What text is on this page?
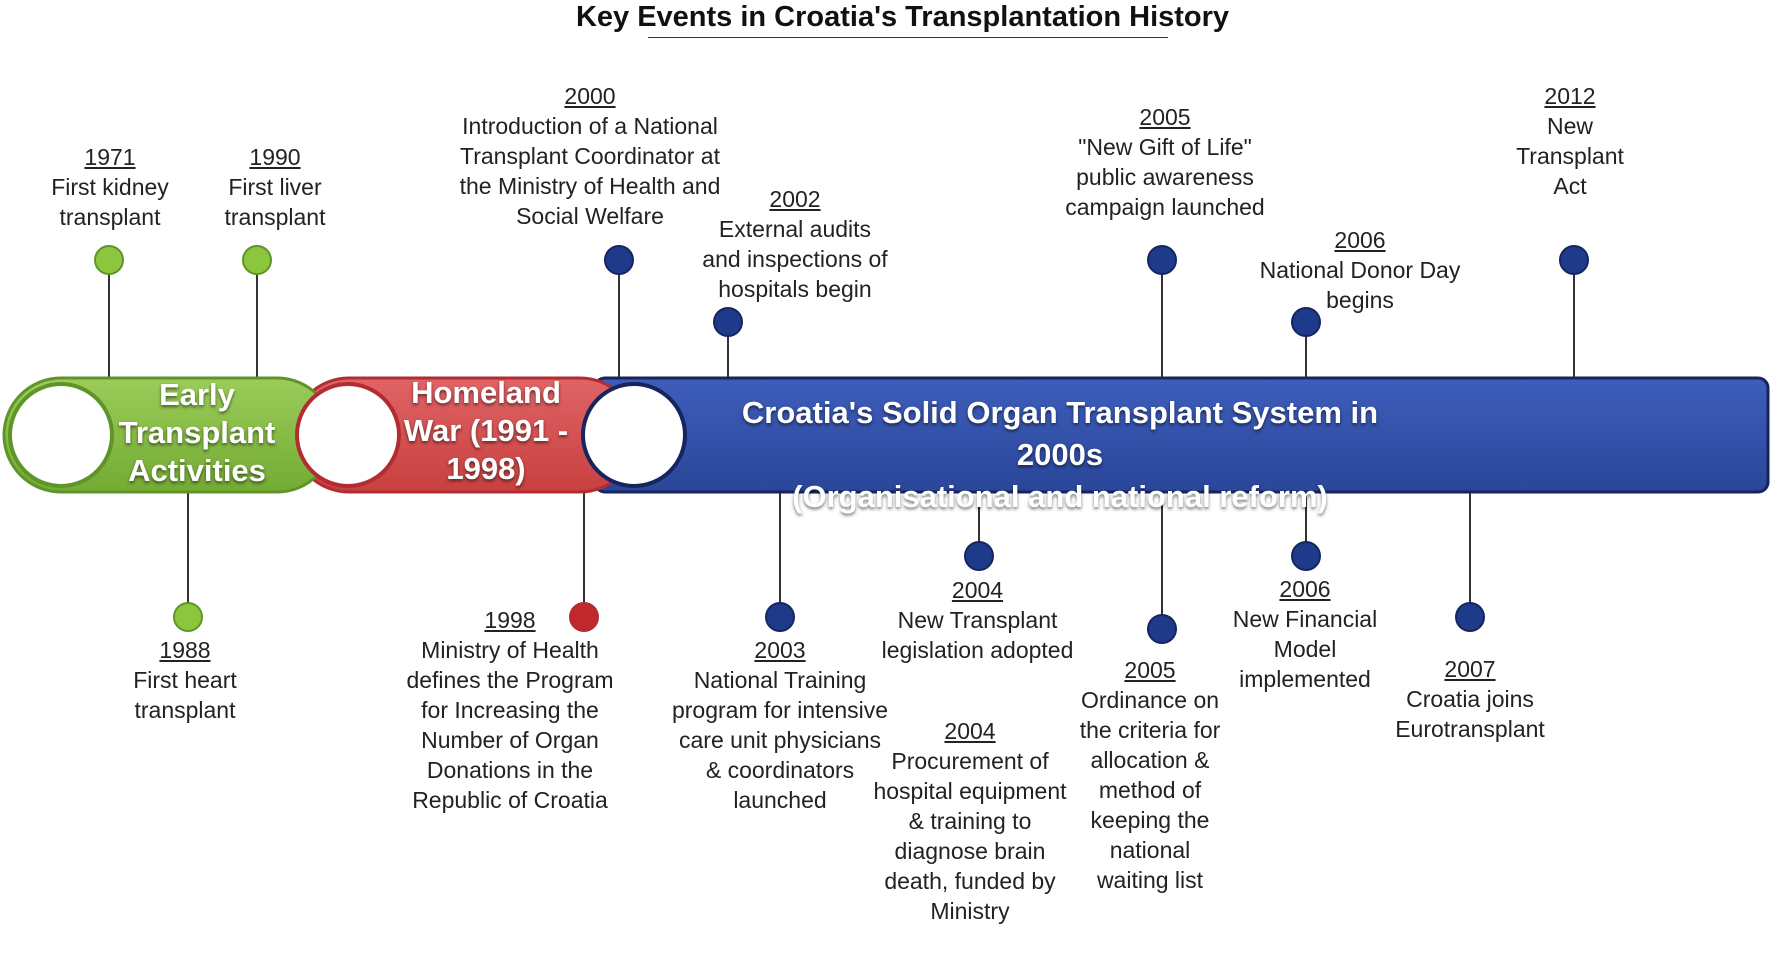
Key Events in Croatia's Transplantation History
Early Transplant Activities
Homeland War (1991 - 1998)
Croatia's Solid Organ Transplant System in 2000s
(Organisational and national reform)
1971
First kidney transplant
1990
First liver transplant
1988
First heart transplant
1998
Ministry of Health defines the Program for Increasing the Number of Organ Donations in the Republic of Croatia
2000
Introduction of a National Transplant Coordinator at the Ministry of Health and Social Welfare
2002
External audits and inspections of hospitals begin
2003
National Training program for intensive care unit physicians & coordinators launched
2004
New Transplant legislation adopted
2004
Procurement of hospital equipment & training to diagnose brain death, funded by Ministry
2005
"New Gift of Life" public awareness campaign launched
2005
Ordinance on the criteria for allocation & method of keeping the national waiting list
2006
National Donor Day begins
2006
New Financial Model implemented	2007
Croatia joins Eurotransplant
2012
New Transplant Act
